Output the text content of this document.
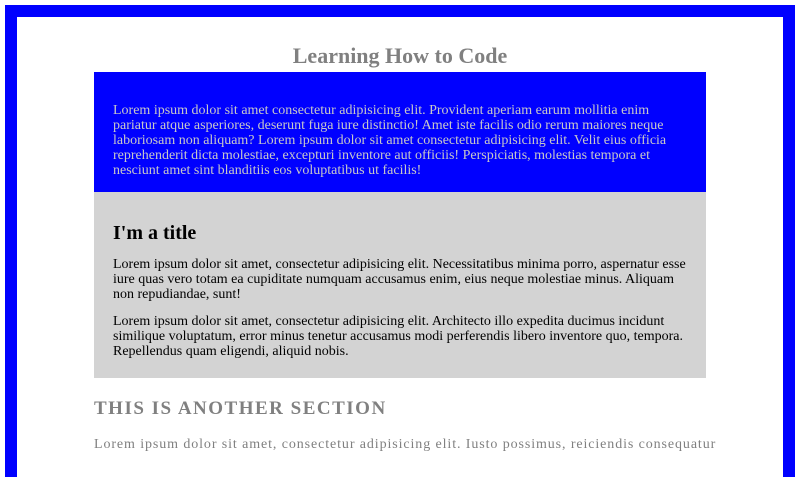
Learning How to Code
Lorem ipsum dolor sit amet consectetur adipisicing elit. Provident aperiam earum mollitia enim pariatur atque asperiores, deserunt fuga iure distinctio! Amet iste facilis odio rerum maiores neque laboriosam non aliquam? Lorem ipsum dolor sit amet consectetur adipisicing elit. Velit eius officia reprehenderit dicta molestiae, excepturi inventore aut officiis! Perspiciatis, molestias tempora et nesciunt amet sint blanditiis eos voluptatibus ut facilis!
I'm a title

Lorem ipsum dolor sit amet, consectetur adipisicing elit. Necessitatibus minima porro, aspernatur esse iure quas vero totam ea cupiditate numquam accusamus enim, eius neque molestiae minus. Aliquam non repudiandae, sunt!

Lorem ipsum dolor sit amet, consectetur adipisicing elit. Architecto illo expedita ducimus incidunt similique voluptatum, error minus tenetur accusamus modi perferendis libero inventore quo, tempora. Repellendus quam eligendi, aliquid nobis.

THIS IS ANOTHER SECTION

Lorem ipsum dolor sit amet, consectetur adipisicing elit. Iusto possimus, reiciendis consequatur
